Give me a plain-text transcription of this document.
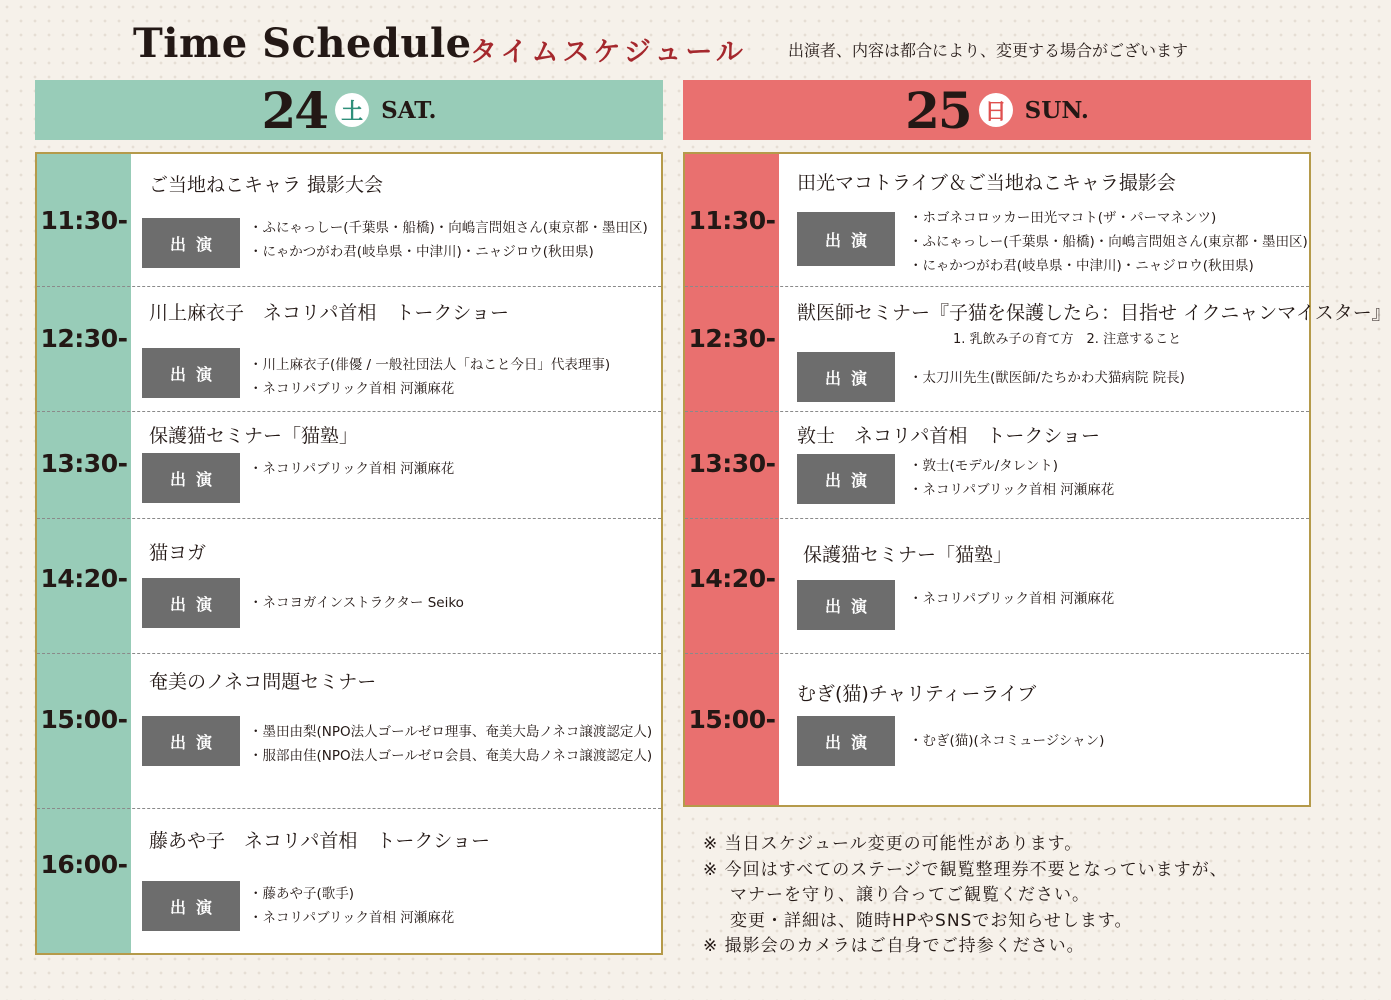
Time Schedule
タイムスケジュール	出演者、内容は都合により、変更する場合がございます
24 土 SAT.	25 日 SUN.
11:30-
ご当地ねこキャラ 撮影大会
出演
・ふにゃっしー(千葉県・船橋)・向嶋言問姐さん(東京都・墨田区)
・にゃかつがわ君(岐阜県・中津川)・ニャジロウ(秋田県)
12:30-
川上麻衣子　ネコリパ首相　トークショー
出演	・川上麻衣子(俳優 / 一般社団法人「ねこと今日」代表理事)
・ネコリパブリック首相 河瀬麻花
13:30-
保護猫セミナー「猫塾」
出演
・ネコリパブリック首相 河瀬麻花
14:20-
猫ヨガ
出演	・ネコヨガインストラクター Seiko
15:00-
奄美のノネコ問題セミナー
出演
・墨田由梨(NPO法人ゴールゼロ理事、奄美大島ノネコ譲渡認定人)
・服部由佳(NPO法人ゴールゼロ会員、奄美大島ノネコ譲渡認定人)
16:00-
藤あや子　ネコリパ首相　トークショー
出演
・藤あや子(歌手)
・ネコリパブリック首相 河瀬麻花
11:30-
田光マコトライブ＆ご当地ねこキャラ撮影会
出演
・ホゴネコロッカー田光マコト(ザ・パーマネンツ)
・ふにゃっしー(千葉県・船橋)・向嶋言問姐さん(東京都・墨田区)
・にゃかつがわ君(岐阜県・中津川)・ニャジロウ(秋田県)
12:30-
獣医師セミナー『子猫を保護したら：目指せ イクニャンマイスター』
1. 乳飲み子の育て方　2. 注意すること
出演	・太刀川先生(獣医師/たちかわ犬猫病院 院長)
13:30-
敦士　ネコリパ首相　トークショー
出演
・敦士(モデル/タレント)
・ネコリパブリック首相 河瀬麻花
14:20-
保護猫セミナー「猫塾」
出演	・ネコリパブリック首相 河瀬麻花
15:00-
むぎ(猫)チャリティーライブ
出演	・むぎ(猫)(ネコミュージシャン)
※ 当日スケジュール変更の可能性があります。
※ 今回はすべてのステージで観覧整理券不要となっていますが、
マナーを守り、譲り合ってご観覧ください。
変更・詳細は、随時HPやSNSでお知らせします。
※ 撮影会のカメラはご自身でご持参ください。
